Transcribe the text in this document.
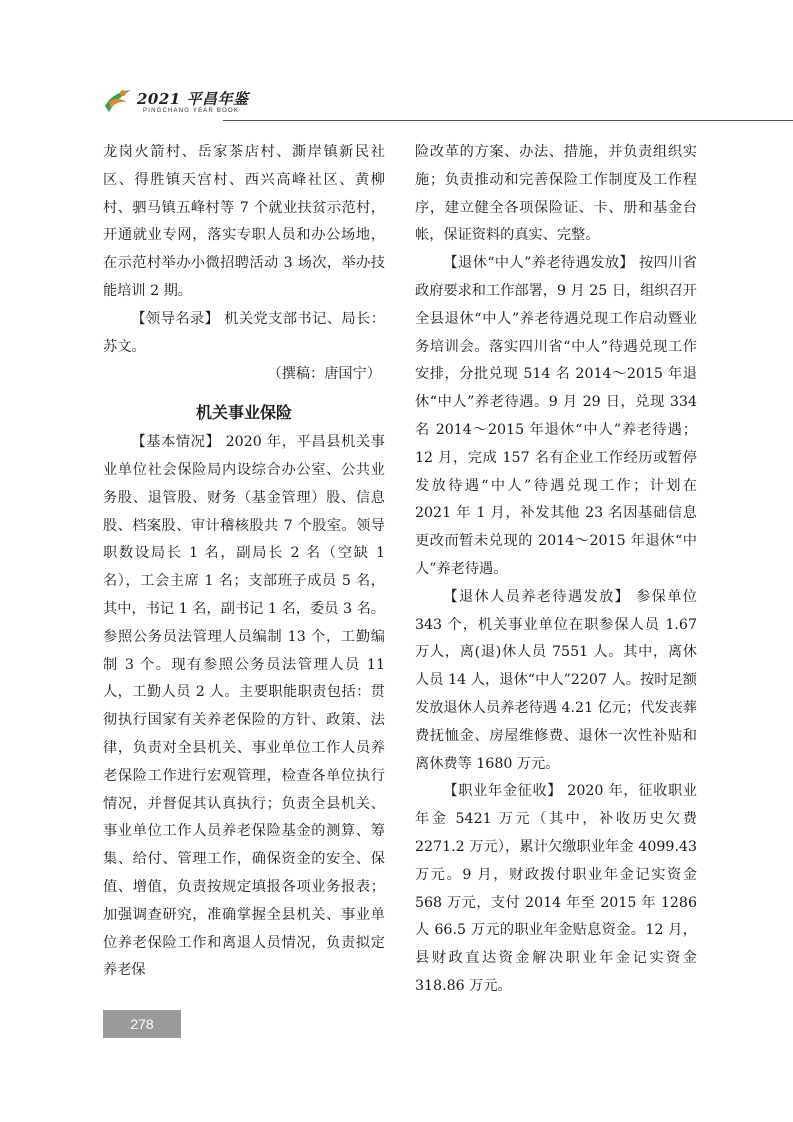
2021 平昌年鉴
PINGCHANG YEAR BOOK

龙岗火箭村、岳家茶店村、澌岸镇新民社区、得胜镇天宫村、西兴高峰社区、黄柳村、驷马镇五峰村等 7 个就业扶贫示范村，开通就业专网，落实专职人员和办公场地，在示范村举办小微招聘活动 3 场次，举办技能培训 2 期。

【领导名录】 机关党支部书记、局长：苏文。

（撰稿：唐国宁）

机关事业保险

【基本情况】 2020 年，平昌县机关事业单位社会保险局内设综合办公室、公共业务股、退管股、财务（基金管理）股、信息股、档案股、审计稽核股共 7 个股室。领导职数设局长 1 名，副局长 2 名（空缺 1 名），工会主席 1 名；支部班子成员 5 名，其中，书记 1 名，副书记 1 名，委员 3 名。参照公务员法管理人员编制 13 个，工勤编制 3 个。现有参照公务员法管理人员 11 人，工勤人员 2 人。主要职能职责包括：贯彻执行国家有关养老保险的方针、政策、法律，负责对全县机关、事业单位工作人员养老保险工作进行宏观管理，检查各单位执行情况，并督促其认真执行；负责全县机关、事业单位工作人员养老保险基金的测算、筹集、给付、管理工作，确保资金的安全、保值、增值，负责按规定填报各项业务报表；加强调查研究，准确掌握全县机关、事业单位养老保险工作和离退人员情况，负责拟定养老保

险改革的方案、办法、措施，并负责组织实施；负责推动和完善保险工作制度及工作程序，建立健全各项保险证、卡、册和基金台帐，保证资料的真实、完整。

【退休“中人”养老待遇发放】 按四川省政府要求和工作部署，9 月 25 日，组织召开全县退休“中人”养老待遇兑现工作启动暨业务培训会。落实四川省“中人”待遇兑现工作安排，分批兑现 514 名 2014～2015 年退休“中人”养老待遇。9 月 29 日，兑现 334 名 2014～2015 年退休“中人”养老待遇；12 月，完成 157 名有企业工作经历或暂停发放待遇“中人”待遇兑现工作；计划在 2021 年 1 月，补发其他 23 名因基础信息更改而暂未兑现的 2014～2015 年退休“中人”养老待遇。

【退休人员养老待遇发放】 参保单位 343 个，机关事业单位在职参保人员 1.67 万人，离(退)休人员 7551 人。其中，离休人员 14 人，退休“中人”2207 人。按时足额发放退休人员养老待遇 4.21 亿元；代发丧葬费抚恤金、房屋维修费、退休一次性补贴和离休费等 1680 万元。

【职业年金征收】 2020 年，征收职业年金 5421 万元（其中，补收历史欠费 2271.2 万元），累计欠缴职业年金 4099.43 万元。9 月，财政拨付职业年金记实资金 568 万元，支付 2014 年至 2015 年 1286 人 66.5 万元的职业年金贴息资金。12 月，县财政直达资金解决职业年金记实资金 318.86 万元。

278
